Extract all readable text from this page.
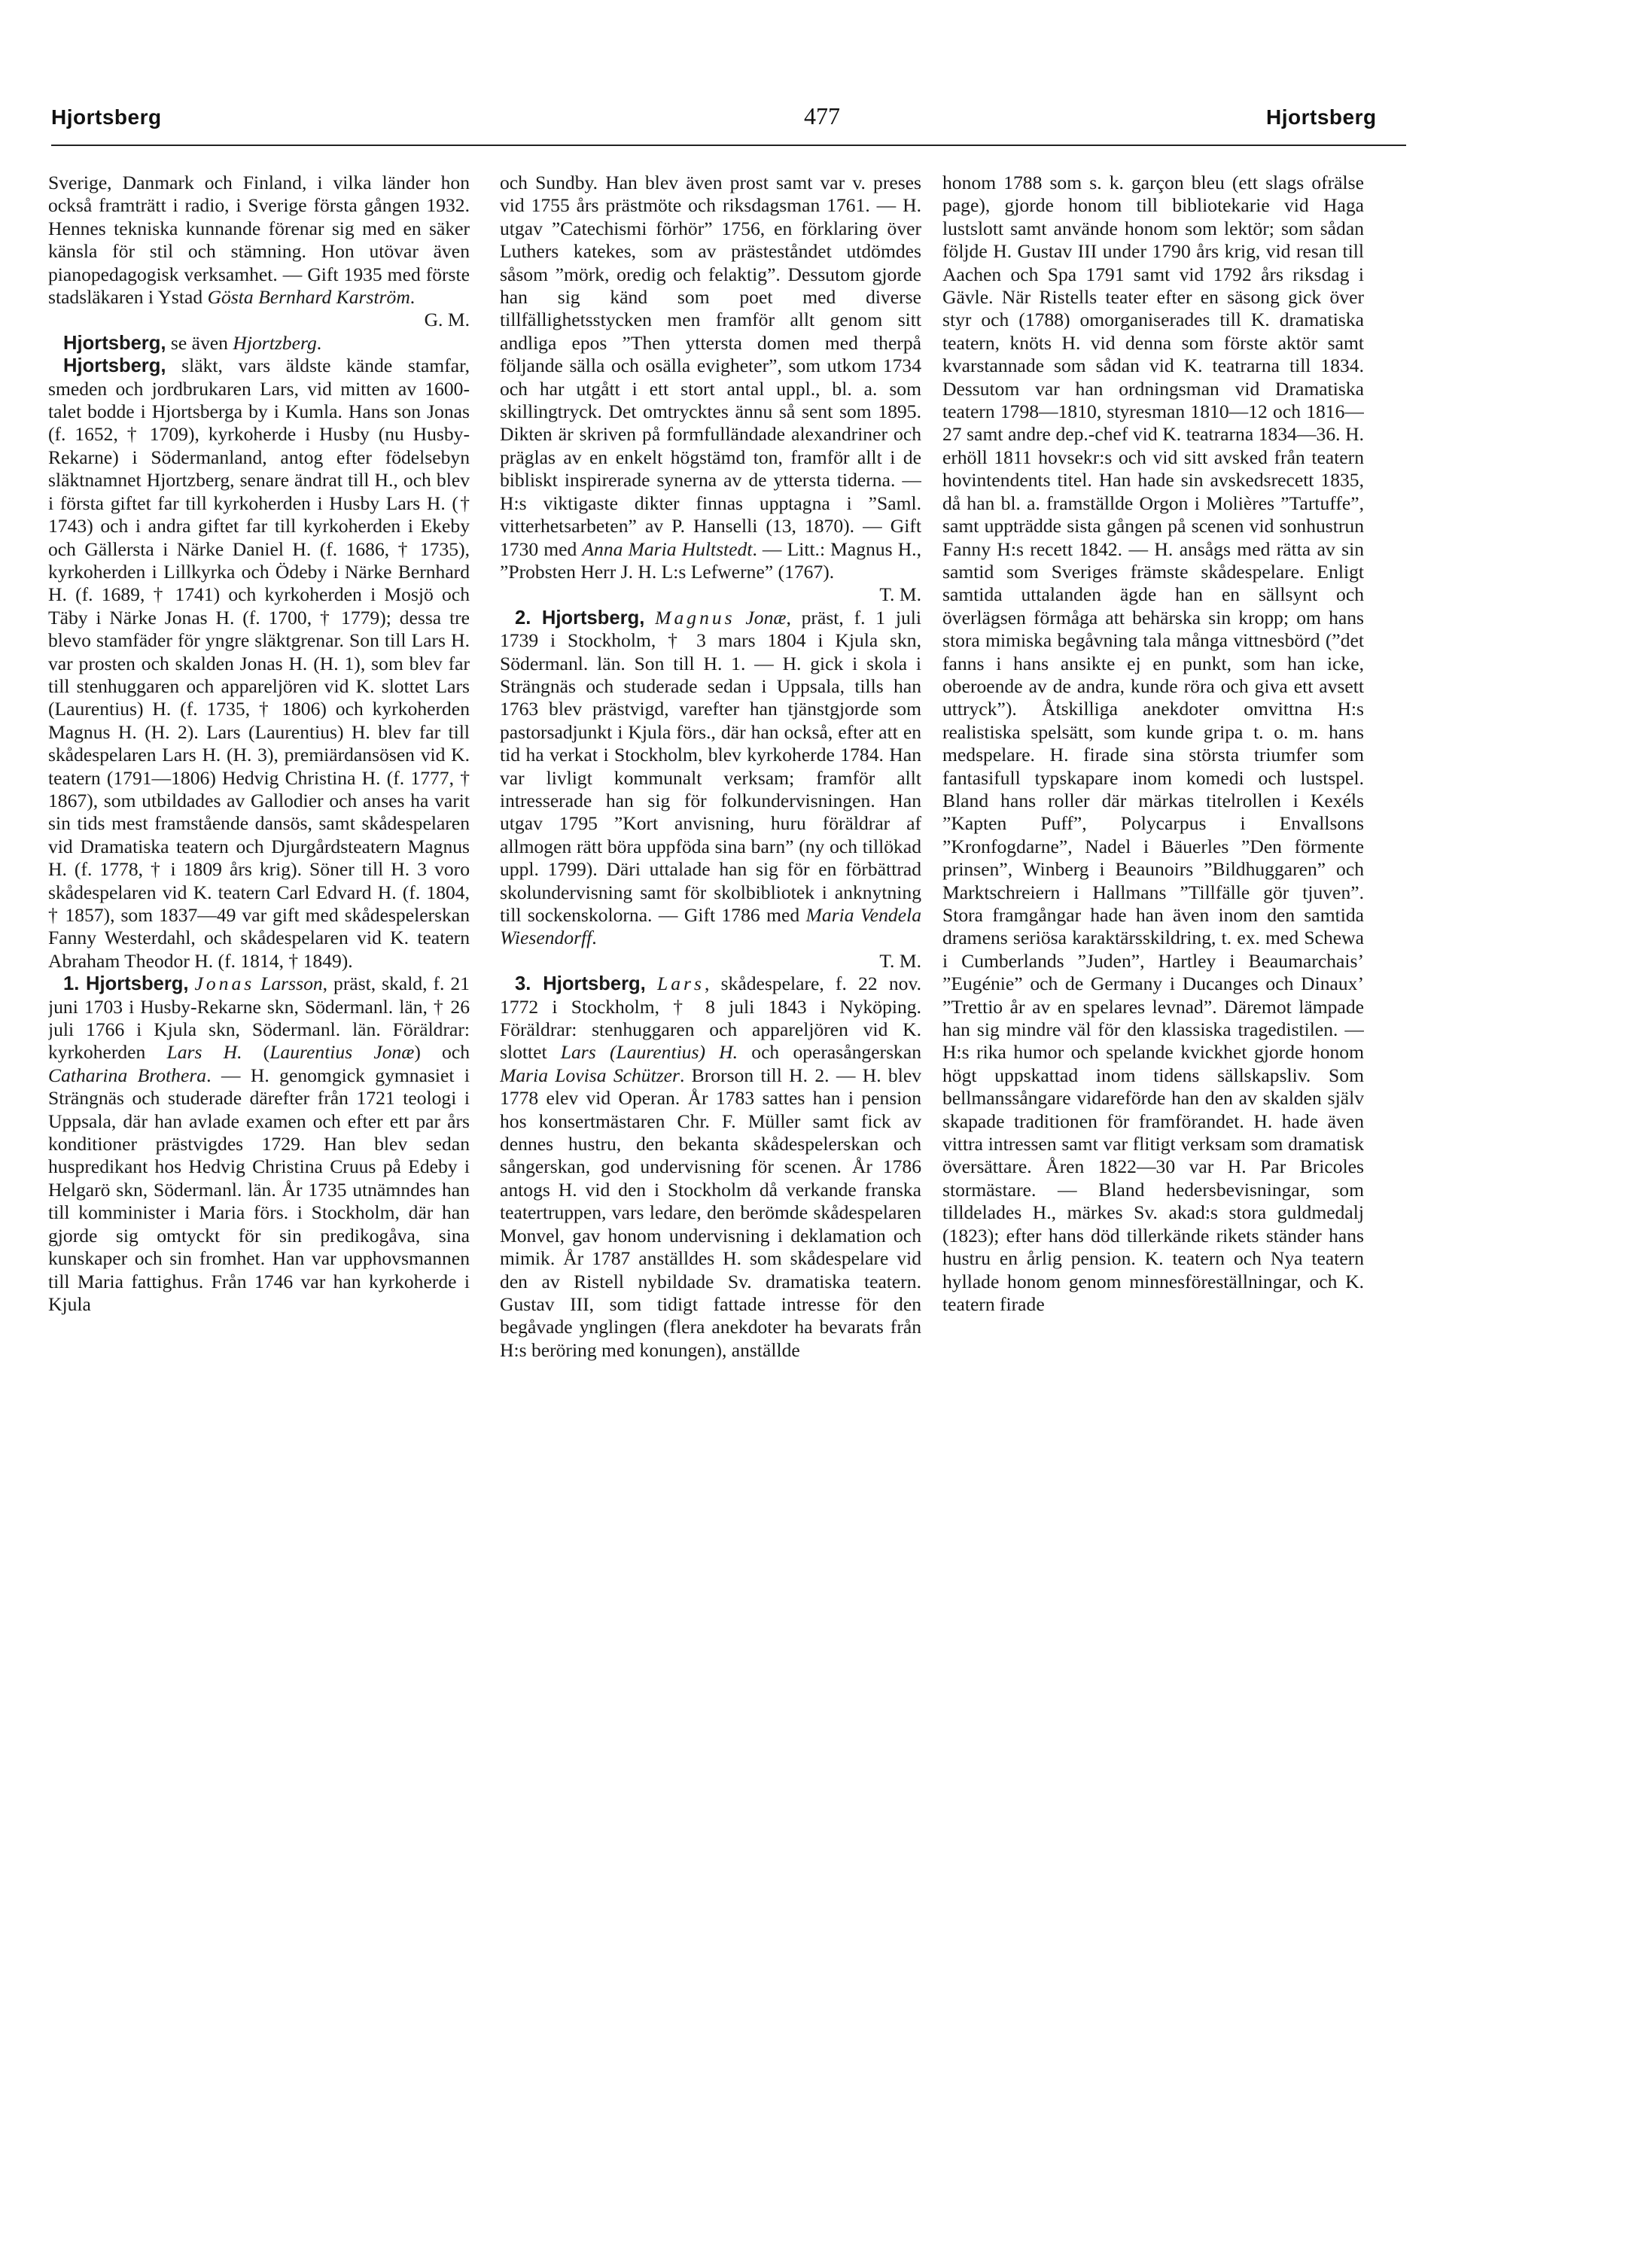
Hjortsberg	477	Hjortsberg

Sverige, Danmark och Finland, i vilka länder hon också framträtt i radio, i Sverige första gången 1932. Hennes tekniska kunnande förenar sig med en säker känsla för stil och stämning. Hon utövar även pianopedagogisk verksamhet. — Gift 1935 med förste stadsläkaren i Ystad Gösta Bernhard Karström.
G. M.

Hjortsberg, se även Hjortzberg.

Hjortsberg, släkt, vars äldste kände stamfar, smeden och jordbrukaren Lars, vid mitten av 1600-talet bodde i Hjortsberga by i Kumla. Hans son Jonas (f. 1652, † 1709), kyrkoherde i Husby (nu Husby-Rekarne) i Södermanland, antog efter födelsebyn släktnamnet Hjortzberg, senare ändrat till H., och blev i första giftet far till kyrkoherden i Husby Lars H. († 1743) och i andra giftet far till kyrkoherden i Ekeby och Gällersta i Närke Daniel H. (f. 1686, † 1735), kyrkoherden i Lillkyrka och Ödeby i Närke Bernhard H. (f. 1689, † 1741) och kyrkoherden i Mosjö och Täby i Närke Jonas H. (f. 1700, † 1779); dessa tre blevo stamfäder för yngre släktgrenar. Son till Lars H. var prosten och skalden Jonas H. (H. 1), som blev far till stenhuggaren och appareljören vid K. slottet Lars (Laurentius) H. (f. 1735, † 1806) och kyrkoherden Magnus H. (H. 2). Lars (Laurentius) H. blev far till skådespelaren Lars H. (H. 3), premiärdansösen vid K. teatern (1791—1806) Hedvig Christina H. (f. 1777, † 1867), som utbildades av Gallodier och anses ha varit sin tids mest framstående dansös, samt skådespelaren vid Dramatiska teatern och Djurgårdsteatern Magnus H. (f. 1778, † i 1809 års krig). Söner till H. 3 voro skådespelaren vid K. teatern Carl Edvard H. (f. 1804, † 1857), som 1837—49 var gift med skådespelerskan Fanny Westerdahl, och skådespelaren vid K. teatern Abraham Theodor H. (f. 1814, † 1849).

1. Hjortsberg, Jonas Larsson, präst, skald, f. 21 juni 1703 i Husby-Rekarne skn, Södermanl. län, † 26 juli 1766 i Kjula skn, Södermanl. län. Föräldrar: kyrkoherden Lars H. (Laurentius Jonæ) och Catharina Brothera. — H. genomgick gymnasiet i Strängnäs och studerade därefter från 1721 teologi i Uppsala, där han avlade examen och efter ett par års konditioner prästvigdes 1729. Han blev sedan huspredikant hos Hedvig Christina Cruus på Edeby i Helgarö skn, Södermanl. län. År 1735 utnämndes han till komminister i Maria förs. i Stockholm, där han gjorde sig omtyckt för sin predikogåva, sina kunskaper och sin fromhet. Han var upphovsmannen till Maria fattighus. Från 1746 var han kyrkoherde i Kjula

och Sundby. Han blev även prost samt var v. preses vid 1755 års prästmöte och riksdagsman 1761. — H. utgav ”Catechismi förhör” 1756, en förklaring över Luthers katekes, som av prästeståndet utdömdes såsom ”mörk, oredig och felaktig”. Dessutom gjorde han sig känd som poet med diverse tillfällighetsstycken men framför allt genom sitt andliga epos ”Then yttersta domen med therpå följande sälla och osälla evigheter”, som utkom 1734 och har utgått i ett stort antal uppl., bl. a. som skillingtryck. Det omtrycktes ännu så sent som 1895. Dikten är skriven på formfulländade alexandriner och präglas av en enkelt högstämd ton, framför allt i de bibliskt inspirerade synerna av de yttersta tiderna. — H:s viktigaste dikter finnas upptagna i ”Saml. vitterhetsarbeten” av P. Hanselli (13, 1870). — Gift 1730 med Anna Maria Hultstedt. — Litt.: Magnus H., ”Probsten Herr J. H. L:s Lefwerne” (1767).
T. M.

2. Hjortsberg, Magnus Jonæ, präst, f. 1 juli 1739 i Stockholm, † 3 mars 1804 i Kjula skn, Södermanl. län. Son till H. 1. — H. gick i skola i Strängnäs och studerade sedan i Uppsala, tills han 1763 blev prästvigd, varefter han tjänstgjorde som pastorsadjunkt i Kjula förs., där han också, efter att en tid ha verkat i Stockholm, blev kyrkoherde 1784. Han var livligt kommunalt verksam; framför allt intresserade han sig för folkundervisningen. Han utgav 1795 ”Kort anvisning, huru föräldrar af allmogen rätt böra uppföda sina barn” (ny och tillökad uppl. 1799). Däri uttalade han sig för en förbättrad skolundervisning samt för skolbibliotek i anknytning till sockenskolorna. — Gift 1786 med Maria Vendela Wiesendorff.
T. M.

3. Hjortsberg, Lars, skådespelare, f. 22 nov. 1772 i Stockholm, † 8 juli 1843 i Nyköping. Föräldrar: stenhuggaren och appareljören vid K. slottet Lars (Laurentius) H. och operasångerskan Maria Lovisa Schützer. Brorson till H. 2. — H. blev 1778 elev vid Operan. År 1783 sattes han i pension hos konsertmästaren Chr. F. Müller samt fick av dennes hustru, den bekanta skådespelerskan och sångerskan, god undervisning för scenen. År 1786 antogs H. vid den i Stockholm då verkande franska teatertruppen, vars ledare, den berömde skådespelaren Monvel, gav honom undervisning i deklamation och mimik. År 1787 anställdes H. som skådespelare vid den av Ristell nybildade Sv. dramatiska teatern. Gustav III, som tidigt fattade intresse för den begåvade ynglingen (flera anekdoter ha bevarats från H:s beröring med konungen), anställde

honom 1788 som s. k. garçon bleu (ett slags ofrälse page), gjorde honom till bibliotekarie vid Haga lustslott samt använde honom som lektör; som sådan följde H. Gustav III under 1790 års krig, vid resan till Aachen och Spa 1791 samt vid 1792 års riksdag i Gävle. När Ristells teater efter en säsong gick över styr och (1788) omorganiserades till K. dramatiska teatern, knöts H. vid denna som förste aktör samt kvarstannade som sådan vid K. teatrarna till 1834. Dessutom var han ordningsman vid Dramatiska teatern 1798—1810, styresman 1810—12 och 1816—27 samt andre dep.-chef vid K. teatrarna 1834—36. H. erhöll 1811 hovsekr:s och vid sitt avsked från teatern hovintendents titel. Han hade sin avskedsrecett 1835, då han bl. a. framställde Orgon i Molières ”Tartuffe”, samt uppträdde sista gången på scenen vid sonhustrun Fanny H:s recett 1842. — H. ansågs med rätta av sin samtid som Sveriges främste skådespelare. Enligt samtida uttalanden ägde han en sällsynt och överlägsen förmåga att behärska sin kropp; om hans stora mimiska begåvning tala många vittnesbörd (”det fanns i hans ansikte ej en punkt, som han icke, oberoende av de andra, kunde röra och giva ett avsett uttryck”). Åtskilliga anekdoter omvittna H:s realistiska spelsätt, som kunde gripa t. o. m. hans medspelare. H. firade sina största triumfer som fantasifull typskapare inom komedi och lustspel. Bland hans roller där märkas titelrollen i Kexéls ”Kapten Puff”, Polycarpus i Envallsons ”Kronfogdarne”, Nadel i Bäuerles ”Den förmente prinsen”, Winberg i Beaunoirs ”Bildhuggaren” och Marktschreiern i Hallmans ”Tillfälle gör tjuven”. Stora framgångar hade han även inom den samtida dramens seriösa karaktärsskildring, t. ex. med Schewa i Cumberlands ”Juden”, Hartley i Beaumarchais’ ”Eugénie” och de Germany i Ducanges och Dinaux’ ”Trettio år av en spelares levnad”. Däremot lämpade han sig mindre väl för den klassiska tragedistilen. — H:s rika humor och spelande kvickhet gjorde honom högt uppskattad inom tidens sällskapsliv. Som bellmanssångare vidareförde han den av skalden själv skapade traditionen för framförandet. H. hade även vittra intressen samt var flitigt verksam som dramatisk översättare. Åren 1822—30 var H. Par Bricoles stormästare. — Bland hedersbevisningar, som tilldelades H., märkes Sv. akad:s stora guldmedalj (1823); efter hans död tillerkände rikets ständer hans hustru en årlig pension. K. teatern och Nya teatern hyllade honom genom minnesföreställningar, och K. teatern firade
